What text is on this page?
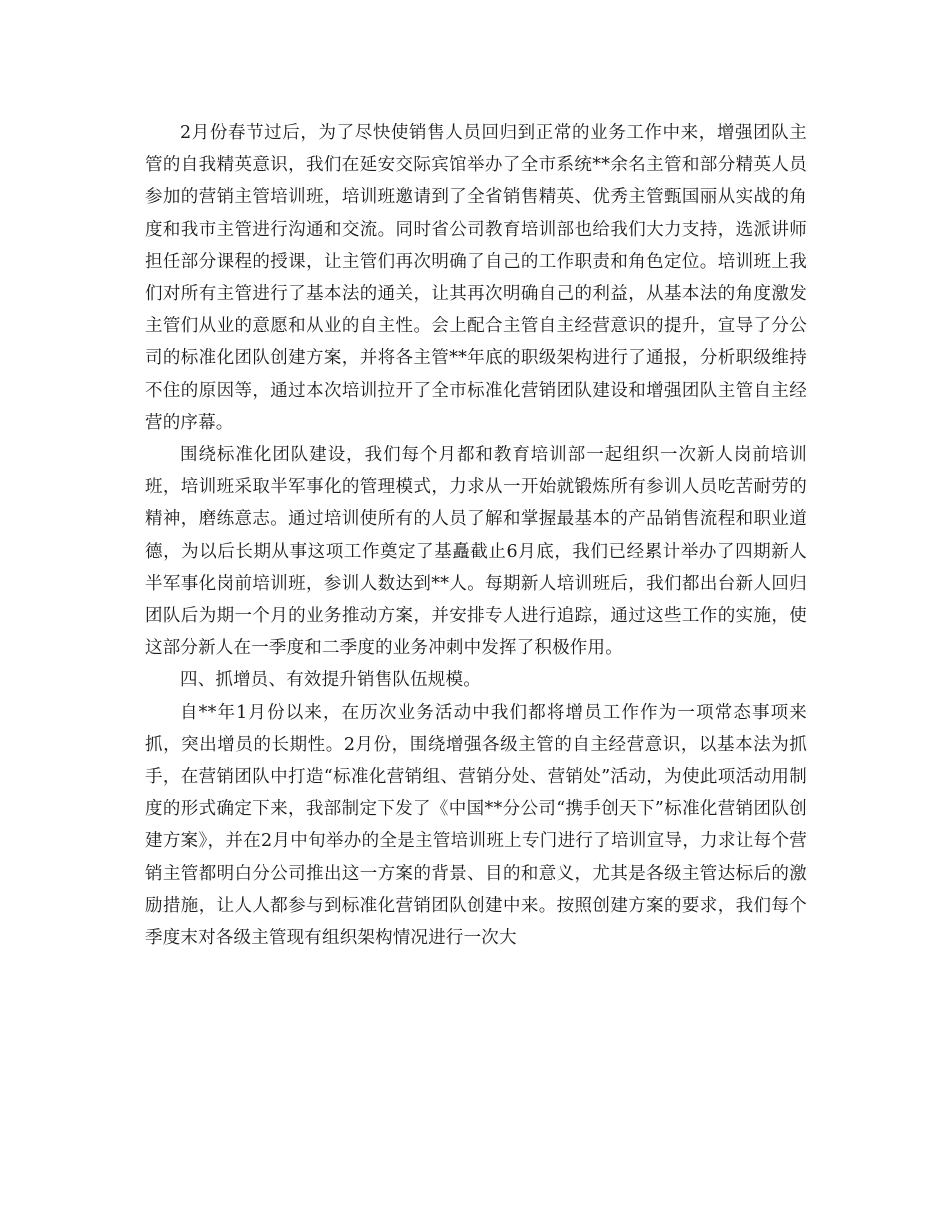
2月份春节过后，为了尽快使销售人员回归到正常的业务工作中来，增强团队主管的自我精英意识，我们在延安交际宾馆举办了全市系统**余名主管和部分精英人员参加的营销主管培训班，培训班邀请到了全省销售精英、优秀主管甄国丽从实战的角度和我市主管进行沟通和交流。同时省公司教育培训部也给我们大力支持，选派讲师担任部分课程的授课，让主管们再次明确了自己的工作职责和角色定位。培训班上我们对所有主管进行了基本法的通关，让其再次明确自己的利益，从基本法的角度激发主管们从业的意愿和从业的自主性。会上配合主管自主经营意识的提升，宣导了分公司的标准化团队创建方案，并将各主管**年底的职级架构进行了通报，分析职级维持不住的原因等，通过本次培训拉开了全市标准化营销团队建设和增强团队主管自主经营的序幕。

围绕标准化团队建设，我们每个月都和教育培训部一起组织一次新人岗前培训班，培训班采取半军事化的管理模式，力求从一开始就锻炼所有参训人员吃苦耐劳的精神，磨练意志。通过培训使所有的人员了解和掌握最基本的产品销售流程和职业道德，为以后长期从事这项工作奠定了基矗截止6月底，我们已经累计举办了四期新人半军事化岗前培训班，参训人数达到**人。每期新人培训班后，我们都出台新人回归团队后为期一个月的业务推动方案，并安排专人进行追踪，通过这些工作的实施，使这部分新人在一季度和二季度的业务冲刺中发挥了积极作用。

四、抓增员、有效提升销售队伍规模。

自**年1月份以来，在历次业务活动中我们都将增员工作作为一项常态事项来抓，突出增员的长期性。2月份，围绕增强各级主管的自主经营意识，以基本法为抓手，在营销团队中打造“标准化营销组、营销分处、营销处”活动，为使此项活动用制度的形式确定下来，我部制定下发了《中国**分公司“携手创天下”标准化营销团队创建方案》，并在2月中旬举办的全是主管培训班上专门进行了培训宣导，力求让每个营销主管都明白分公司推出这一方案的背景、目的和意义，尤其是各级主管达标后的激励措施，让人人都参与到标准化营销团队创建中来。按照创建方案的要求，我们每个季度末对各级主管现有组织架构情况进行一次大
